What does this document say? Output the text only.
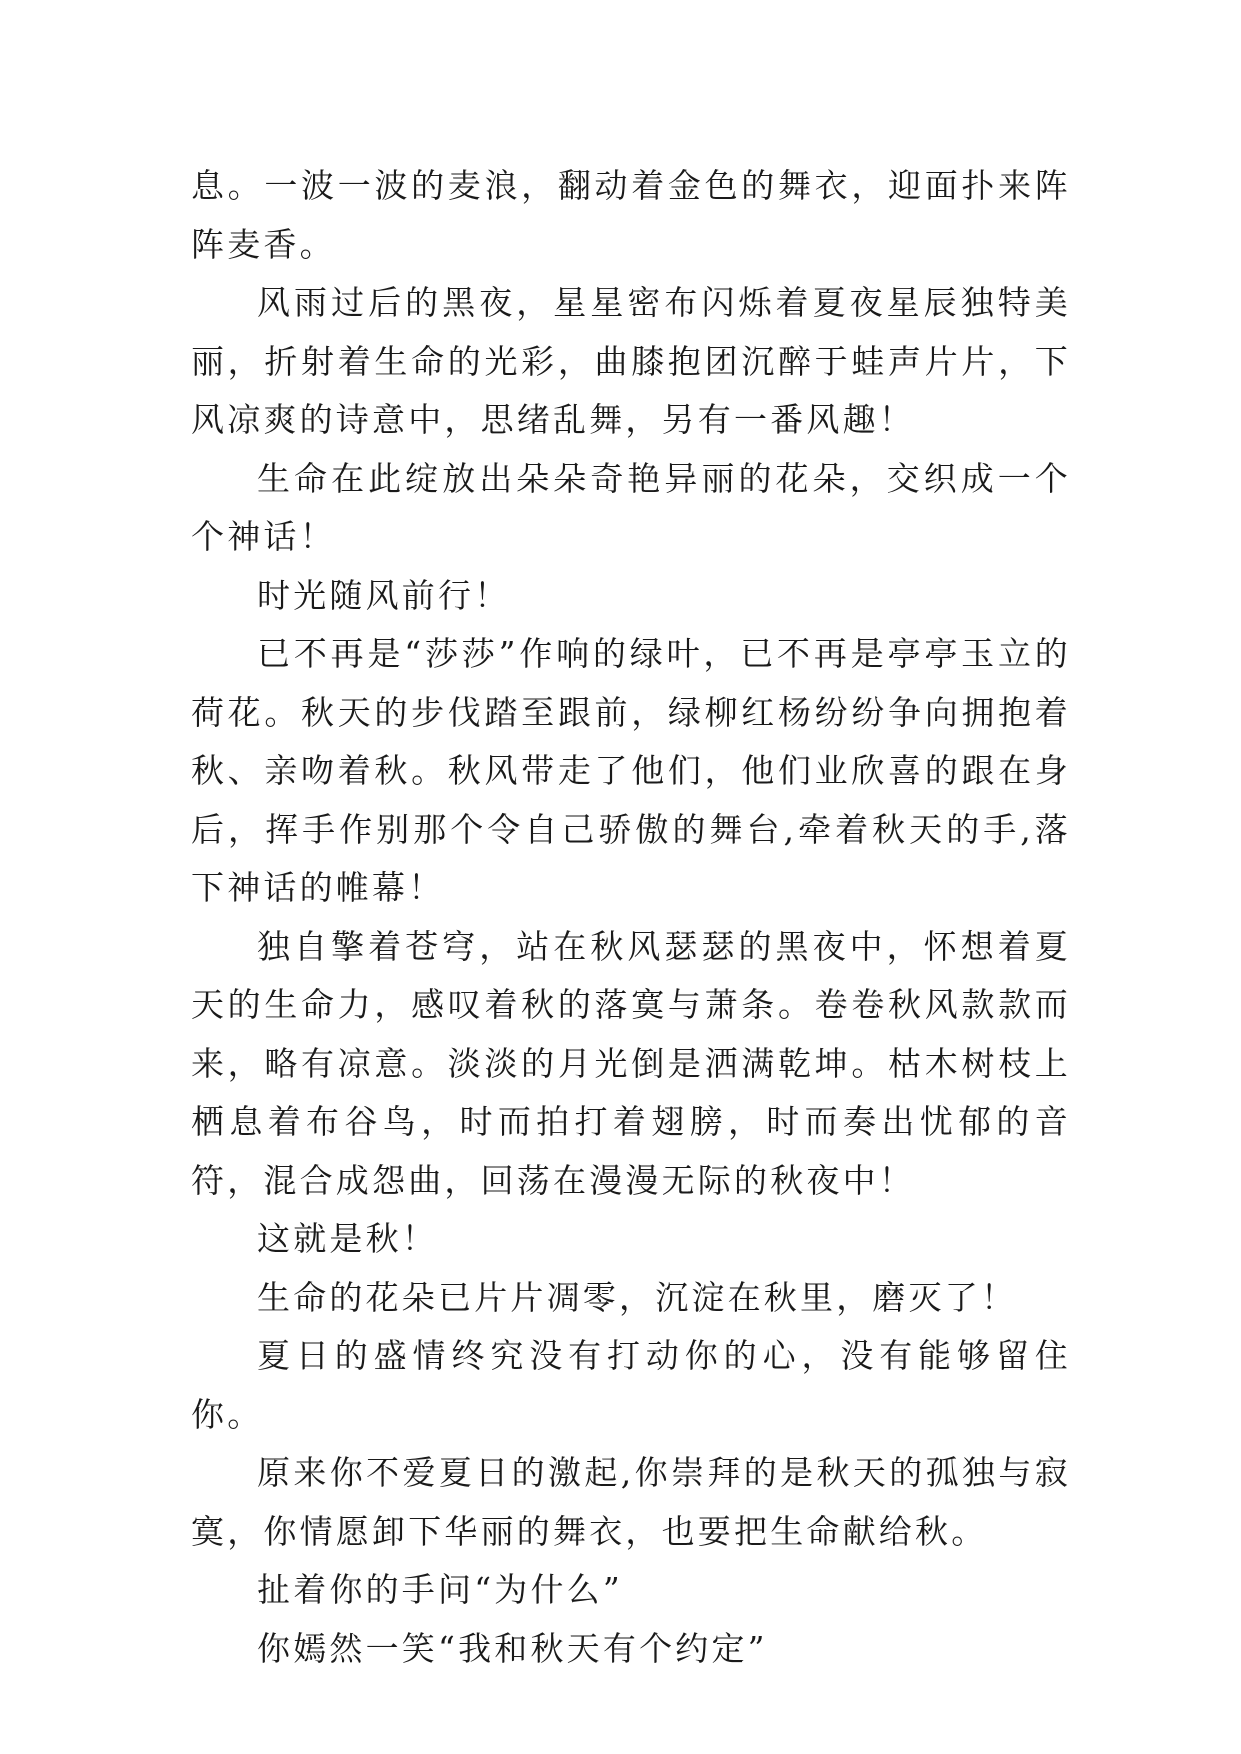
息。一波一波的麦浪，翻动着金色的舞衣，迎面扑来阵阵麦香。

风雨过后的黑夜，星星密布闪烁着夏夜星辰独特美丽，折射着生命的光彩，曲膝抱团沉醉于蛙声片片，下风凉爽的诗意中，思绪乱舞，另有一番风趣！

生命在此绽放出朵朵奇艳异丽的花朵，交织成一个个神话！

时光随风前行！

已不再是“莎莎”作响的绿叶，已不再是亭亭玉立的荷花。秋天的步伐踏至跟前，绿柳红杨纷纷争向拥抱着秋、亲吻着秋。秋风带走了他们，他们业欣喜的跟在身后，挥手作别那个令自己骄傲的舞台,牵着秋天的手,落下神话的帷幕！

独自擎着苍穹，站在秋风瑟瑟的黑夜中，怀想着夏天的生命力，感叹着秋的落寞与萧条。卷卷秋风款款而来，略有凉意。淡淡的月光倒是洒满乾坤。枯木树枝上栖息着布谷鸟，时而拍打着翅膀，时而奏出忧郁的音符，混合成怨曲，回荡在漫漫无际的秋夜中！

这就是秋！

生命的花朵已片片凋零，沉淀在秋里，磨灭了！

夏日的盛情终究没有打动你的心，没有能够留住你。

原来你不爱夏日的激起,你崇拜的是秋天的孤独与寂寞，你情愿卸下华丽的舞衣，也要把生命献给秋。

扯着你的手问“为什么”

你嫣然一笑“我和秋天有个约定”
